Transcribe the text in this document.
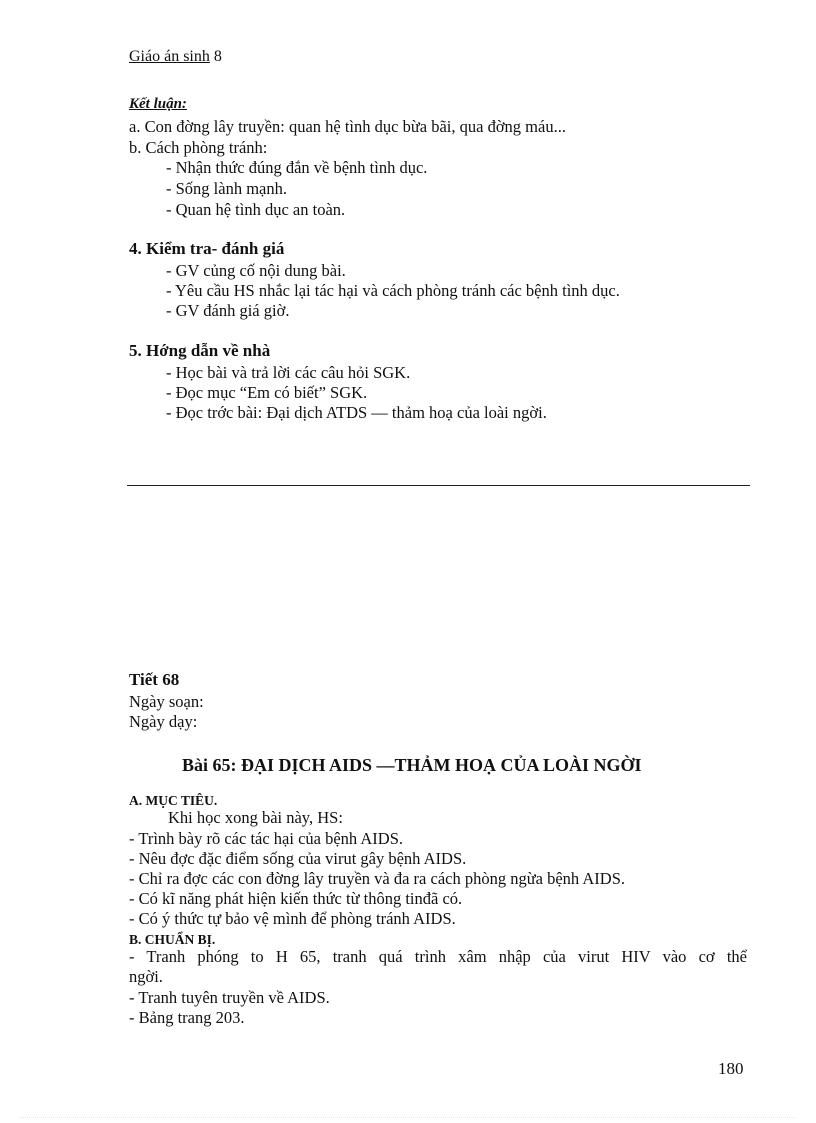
Giáo án sinh 8
Kết luận:
a. Con đờng lây truyền: quan hệ tình dục bừa bãi, qua đờng máu...
b. Cách phòng tránh:
- Nhận thức đúng đắn về bệnh tình dục.
- Sống lành mạnh.
- Quan hệ tình dục an toàn.
4. Kiểm tra- đánh giá
- GV củng cố nội dung bài.
- Yêu cầu HS nhắc lại tác hại và cách phòng tránh các bệnh tình dục.
- GV đánh giá giờ.
5. Hớng dẫn về nhà
- Học bài và trả lời các câu hỏi SGK.
- Đọc mục “Em có biết” SGK.
- Đọc trớc bài: Đại dịch ATDS — thảm hoạ của loài ngời.
Tiết 68
Ngày soạn:
Ngày dạy:
Bài 65: ĐẠI DỊCH AIDS —THẢM HOẠ CỦA LOÀI NGỜI
A. MỤC TIÊU.
Khi học xong bài này, HS:
- Trình bày rõ các tác hại của bệnh AIDS.
- Nêu đợc đặc điểm sống của virut gây bệnh AIDS.
- Chỉ ra đợc các con đờng lây truyền và đa ra cách phòng ngừa bệnh AIDS.
- Có kĩ năng phát hiện kiến thức từ thông tinđã có.
- Có ý thức tự bảo vệ mình để phòng tránh AIDS.
B. CHUẨN BỊ.
- Tranh phóng to H 65, tranh quá trình xâm nhập của virut HIV vào cơ thể
ngời.
- Tranh tuyên truyền về AIDS.
- Bảng trang 203.
180
